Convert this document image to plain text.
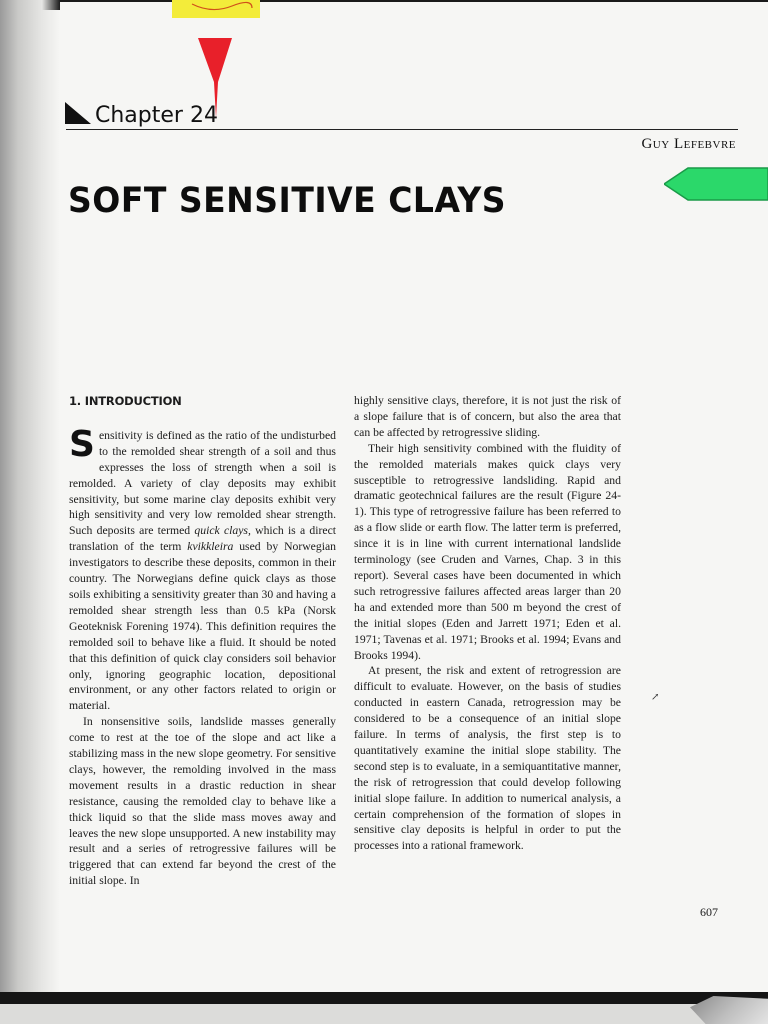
Chapter 24
Guy Lefebvre
SOFT SENSITIVE CLAYS
1. INTRODUCTION

Sensitivity is defined as the ratio of the undisturbed to the remolded shear strength of a soil and thus expresses the loss of strength when a soil is remolded. A variety of clay deposits may exhibit sensitivity, but some marine clay deposits exhibit very high sensitivity and very low remolded shear strength. Such deposits are termed quick clays, which is a direct translation of the term kvikkleira used by Norwegian investigators to describe these deposits, common in their country. The Norwegians define quick clays as those soils exhibiting a sensitivity greater than 30 and having a remolded shear strength less than 0.5 kPa (Norsk Geoteknisk Forening 1974). This definition requires the remolded soil to behave like a fluid. It should be noted that this definition of quick clay considers soil behavior only, ignoring geographic location, depositional environment, or any other factors related to origin or material.

In nonsensitive soils, landslide masses generally come to rest at the toe of the slope and act like a stabilizing mass in the new slope geometry. For sensitive clays, however, the remolding involved in the mass movement results in a drastic reduction in shear resistance, causing the remolded clay to behave like a thick liquid so that the slide mass moves away and leaves the new slope unsupported. A new instability may result and a series of retrogressive failures will be triggered that can extend far beyond the crest of the initial slope. In

highly sensitive clays, therefore, it is not just the risk of a slope failure that is of concern, but also the area that can be affected by retrogressive sliding.

Their high sensitivity combined with the fluidity of the remolded materials makes quick clays very susceptible to retrogressive landsliding. Rapid and dramatic geotechnical failures are the result (Figure 24-1). This type of retrogressive failure has been referred to as a flow slide or earth flow. The latter term is preferred, since it is in line with current international landslide terminology (see Cruden and Varnes, Chap. 3 in this report). Several cases have been documented in which such retrogressive failures affected areas larger than 20 ha and extended more than 500 m beyond the crest of the initial slopes (Eden and Jarrett 1971; Eden et al. 1971; Tavenas et al. 1971; Brooks et al. 1994; Evans and Brooks 1994).

At present, the risk and extent of retrogression are difficult to evaluate. However, on the basis of studies conducted in eastern Canada, retrogression may be considered to be a consequence of an initial slope failure. In terms of analysis, the first step is to quantitatively examine the initial slope stability. The second step is to evaluate, in a semiquantitative manner, the risk of retrogression that could develop following initial slope failure. In addition to numerical analysis, a certain comprehension of the formation of slopes in sensitive clay deposits is helpful in order to put the processes into a rational framework.

↗
607
